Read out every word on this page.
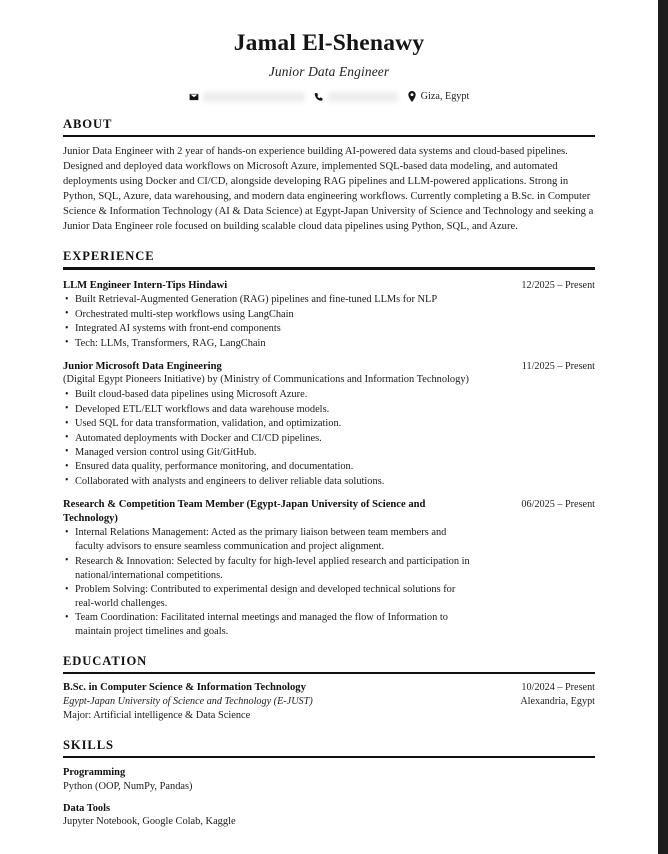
Jamal El-Shenawy
Junior Data Engineer
Giza, Egypt
ABOUT
Junior Data Engineer with 2 year of hands-on experience building AI-powered data systems and cloud-based pipelines. Designed and deployed data workflows on Microsoft Azure, implemented SQL-based data modeling, and automated deployments using Docker and CI/CD, alongside developing RAG pipelines and LLM-powered applications. Strong in Python, SQL, Azure, data warehousing, and modern data engineering workflows. Currently completing a B.Sc. in Computer Science & Information Technology (AI & Data Science) at Egypt-Japan University of Science and Technology and seeking a Junior Data Engineer role focused on building scalable cloud data pipelines using Python, SQL, and Azure.
EXPERIENCE
LLM Engineer Intern-Tips Hindawi	12/2025 – Present
• Built Retrieval-Augmented Generation (RAG) pipelines and fine-tuned LLMs for NLP
• Orchestrated multi-step workflows using LangChain
• Integrated AI systems with front-end components
• Tech: LLMs, Transformers, RAG, LangChain
Junior Microsoft Data Engineering	11/2025 – Present
(Digital Egypt Pioneers Initiative) by (Ministry of Communications and Information Technology)
• Built cloud-based data pipelines using Microsoft Azure.
• Developed ETL/ELT workflows and data warehouse models.
• Used SQL for data transformation, validation, and optimization.
• Automated deployments with Docker and CI/CD pipelines.
• Managed version control using Git/GitHub.
• Ensured data quality, performance monitoring, and documentation.
• Collaborated with analysts and engineers to deliver reliable data solutions.
Research & Competition Team Member (Egypt-Japan University of Science and Technology)
06/2025 – Present
• Internal Relations Management: Acted as the primary liaison between team members and faculty advisors to ensure seamless communication and project alignment.
• Research & Innovation: Selected by faculty for high-level applied research and participation in national/international competitions.
• Problem Solving: Contributed to experimental design and developed technical solutions for real-world challenges.
• Team Coordination: Facilitated internal meetings and managed the flow of Information to maintain project timelines and goals.
EDUCATION
B.Sc. in Computer Science & Information Technology
Egypt-Japan University of Science and Technology (E-JUST)
Major: Artificial intelligence & Data Science
10/2024 – Present
Alexandria, Egypt
SKILLS
Programming
Python (OOP, NumPy, Pandas)
Data Tools
Jupyter Notebook, Google Colab, Kaggle
